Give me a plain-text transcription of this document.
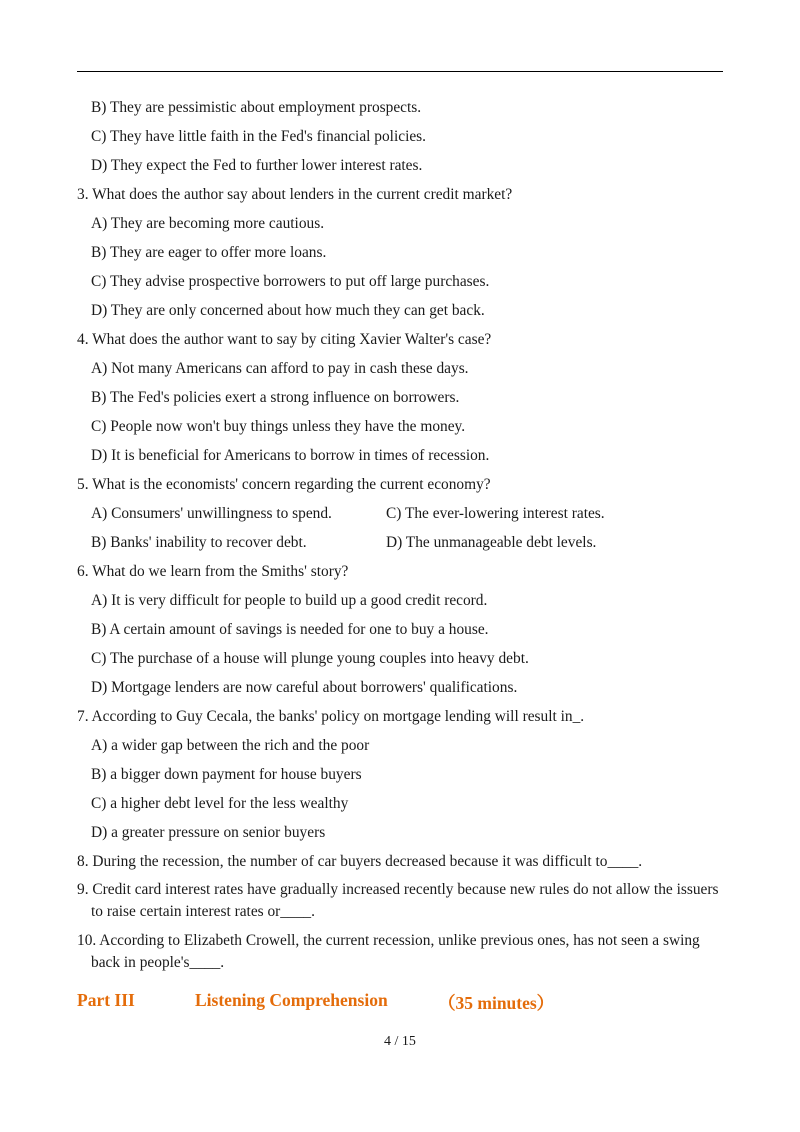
B) They are pessimistic about employment prospects.
C) They have little faith in the Fed's financial policies.
D) They expect the Fed to further lower interest rates.
3. What does the author say about lenders in the current credit market?
A) They are becoming more cautious.
B) They are eager to offer more loans.
C) They advise prospective borrowers to put off large purchases.
D) They are only concerned about how much they can get back.
4. What does the author want to say by citing Xavier Walter's case?
A) Not many Americans can afford to pay in cash these days.
B) The Fed's policies exert a strong influence on borrowers.
C) People now won't buy things unless they have the money.
D) It is beneficial for Americans to borrow in times of recession.
5. What is the economists' concern regarding the current economy?
A) Consumers' unwillingness to spend.	C) The ever-lowering interest rates.
B) Banks' inability to recover debt.	D) The unmanageable debt levels.
6. What do we learn from the Smiths' story?
A) It is very difficult for people to build up a good credit record.
B) A certain amount of savings is needed for one to buy a house.
C) The purchase of a house will plunge young couples into heavy debt.
D) Mortgage lenders are now careful about borrowers' qualifications.
7. According to Guy Cecala, the banks' policy on mortgage lending will result in_.
A) a wider gap between the rich and the poor
B) a bigger down payment for house buyers
C) a higher debt level for the less wealthy
D) a greater pressure on senior buyers
8. During the recession, the number of car buyers decreased because it was difficult to____.
9. Credit card interest rates have gradually increased recently because new rules do not allow the issuers to raise certain interest rates or____.
10. According to Elizabeth Crowell, the current recession, unlike previous ones, has not seen a swing back in people's____.
Part III	Listening Comprehension	（35 minutes）
4 / 15
